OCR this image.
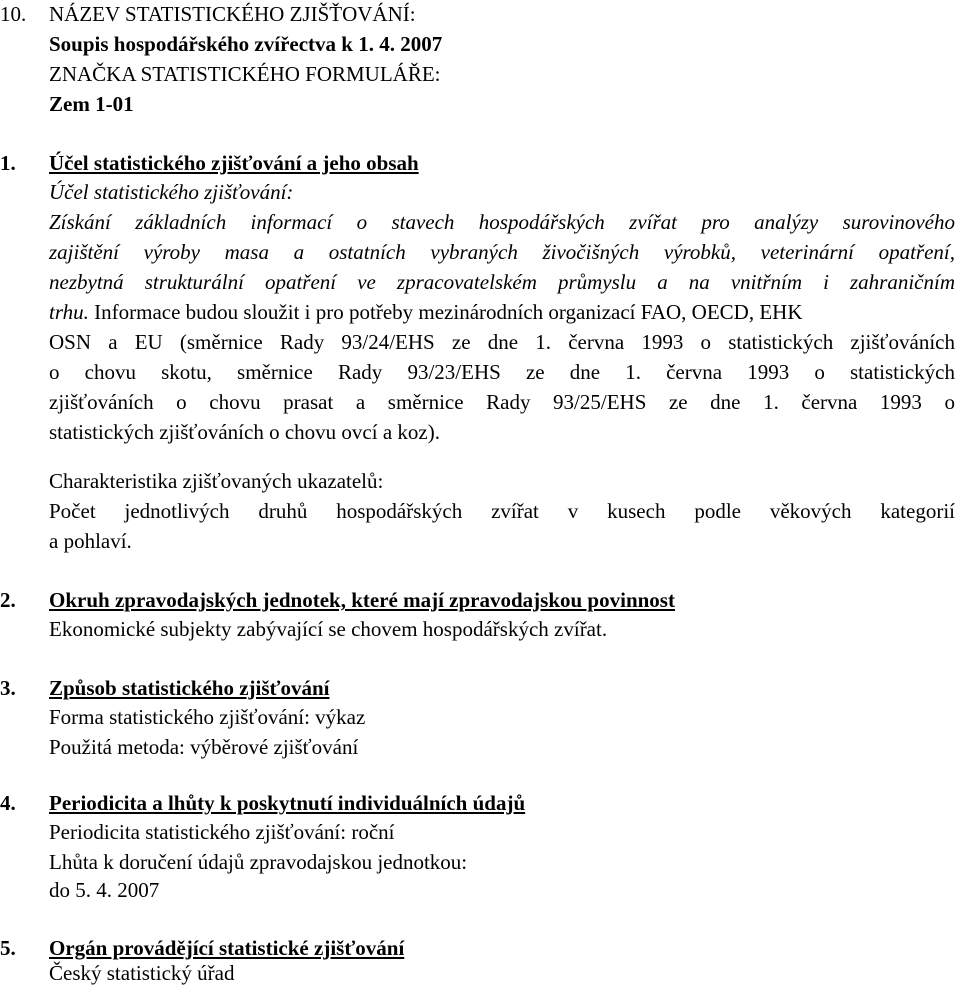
10. NÁZEV STATISTICKÉHO ZJIŠŤOVÁNÍ:
Soupis hospodářského zvířectva k 1. 4. 2007
ZNAČKA STATISTICKÉHO FORMULÁŘE:
Zem 1-01
1. Účel statistického zjišťování a jeho obsah
Účel statistického zjišťování:
Získání základních informací o stavech hospodářských zvířat pro analýzy surovinového
zajištění výroby masa a ostatních vybraných živočišných výrobků, veterinární opatření,
nezbytná strukturální opatření ve zpracovatelském průmyslu a na vnitřním i zahraničním
trhu. Informace budou sloužit i pro potřeby mezinárodních organizací FAO, OECD, EHK
OSN a EU (směrnice Rady 93/24/EHS ze dne 1. června 1993 o statistických zjišťováních
o chovu skotu, směrnice Rady 93/23/EHS ze dne 1. června 1993 o statistických
zjišťováních o chovu prasat a směrnice Rady 93/25/EHS ze dne 1. června 1993 o
statistických zjišťováních o chovu ovcí a koz).
Charakteristika zjišťovaných ukazatelů:
Počet jednotlivých druhů hospodářských zvířat v kusech podle věkových kategorií
a pohlaví.
2. Okruh zpravodajských jednotek, které mají zpravodajskou povinnost
Ekonomické subjekty zabývající se chovem hospodářských zvířat.
3. Způsob statistického zjišťování
Forma statistického zjišťování: výkaz
Použitá metoda: výběrové zjišťování
4. Periodicita a lhůty k poskytnutí individuálních údajů
Periodicita statistického zjišťování: roční
Lhůta k doručení údajů zpravodajskou jednotkou:
do 5. 4. 2007
5. Orgán provádějící statistické zjišťování
Český statistický úřad
